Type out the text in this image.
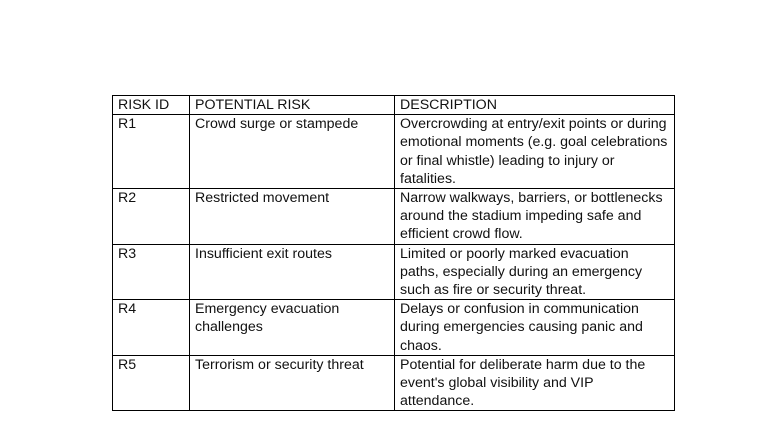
RISK ID	POTENTIAL RISK	DESCRIPTION
R1	Crowd surge or stampede	Overcrowding at entry/exit points or during emotional moments (e.g. goal celebrations or final whistle) leading to injury or fatalities.
R2	Restricted movement	Narrow walkways, barriers, or bottlenecks around the stadium impeding safe and efficient crowd flow.
R3	Insufficient exit routes	Limited or poorly marked evacuation paths, especially during an emergency such as fire or security threat.
R4	Emergency evacuation challenges	Delays or confusion in communication during emergencies causing panic and chaos.
R5	Terrorism or security threat	Potential for deliberate harm due to the event's global visibility and VIP attendance.
